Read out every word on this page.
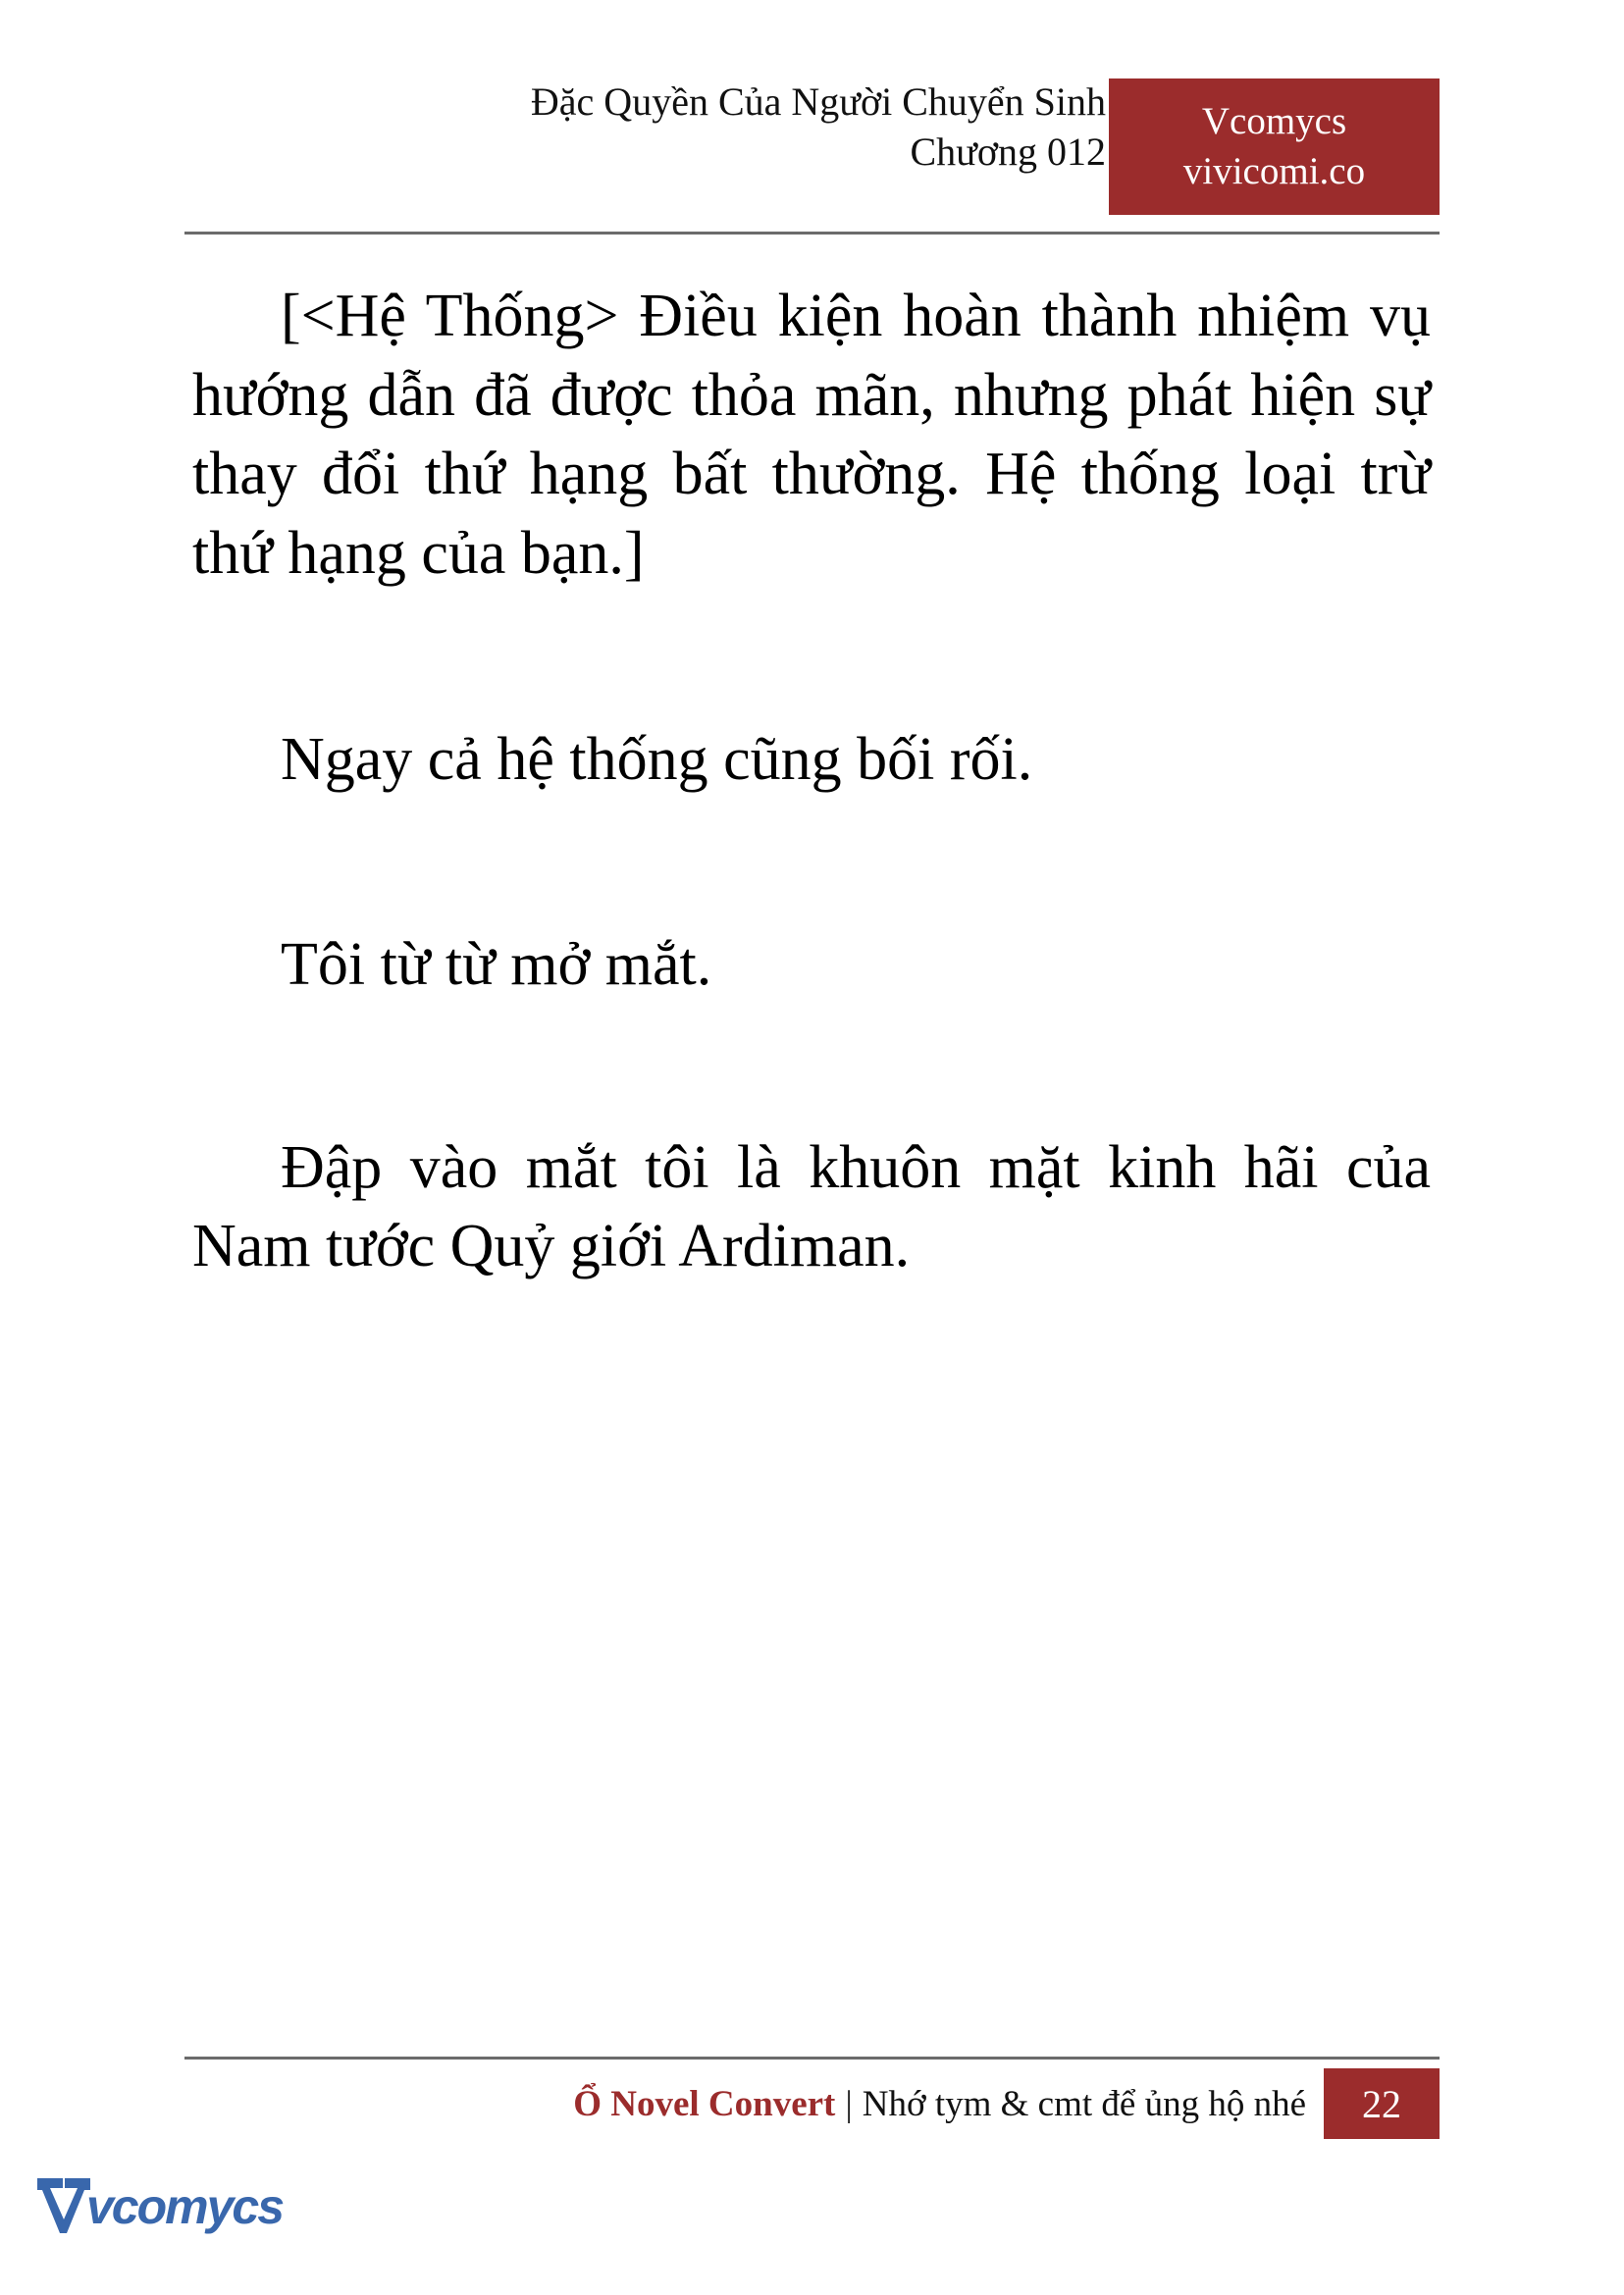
Đặc Quyền Của Người Chuyển Sinh
Chương 012
Vcomycs
vivicomi.co

[<Hệ Thống> Điều kiện hoàn thành nhiệm vụ hướng dẫn đã được thỏa mãn, nhưng phát hiện sự thay đổi thứ hạng bất thường. Hệ thống loại trừ thứ hạng của bạn.]

Ngay cả hệ thống cũng bối rối.

Tôi từ từ mở mắt.

Đập vào mắt tôi là khuôn mặt kinh hãi của Nam tước Quỷ giới Ardiman.

Ổ Novel Convert | Nhớ tym & cmt để ủng hộ nhé	22
vcomycs
